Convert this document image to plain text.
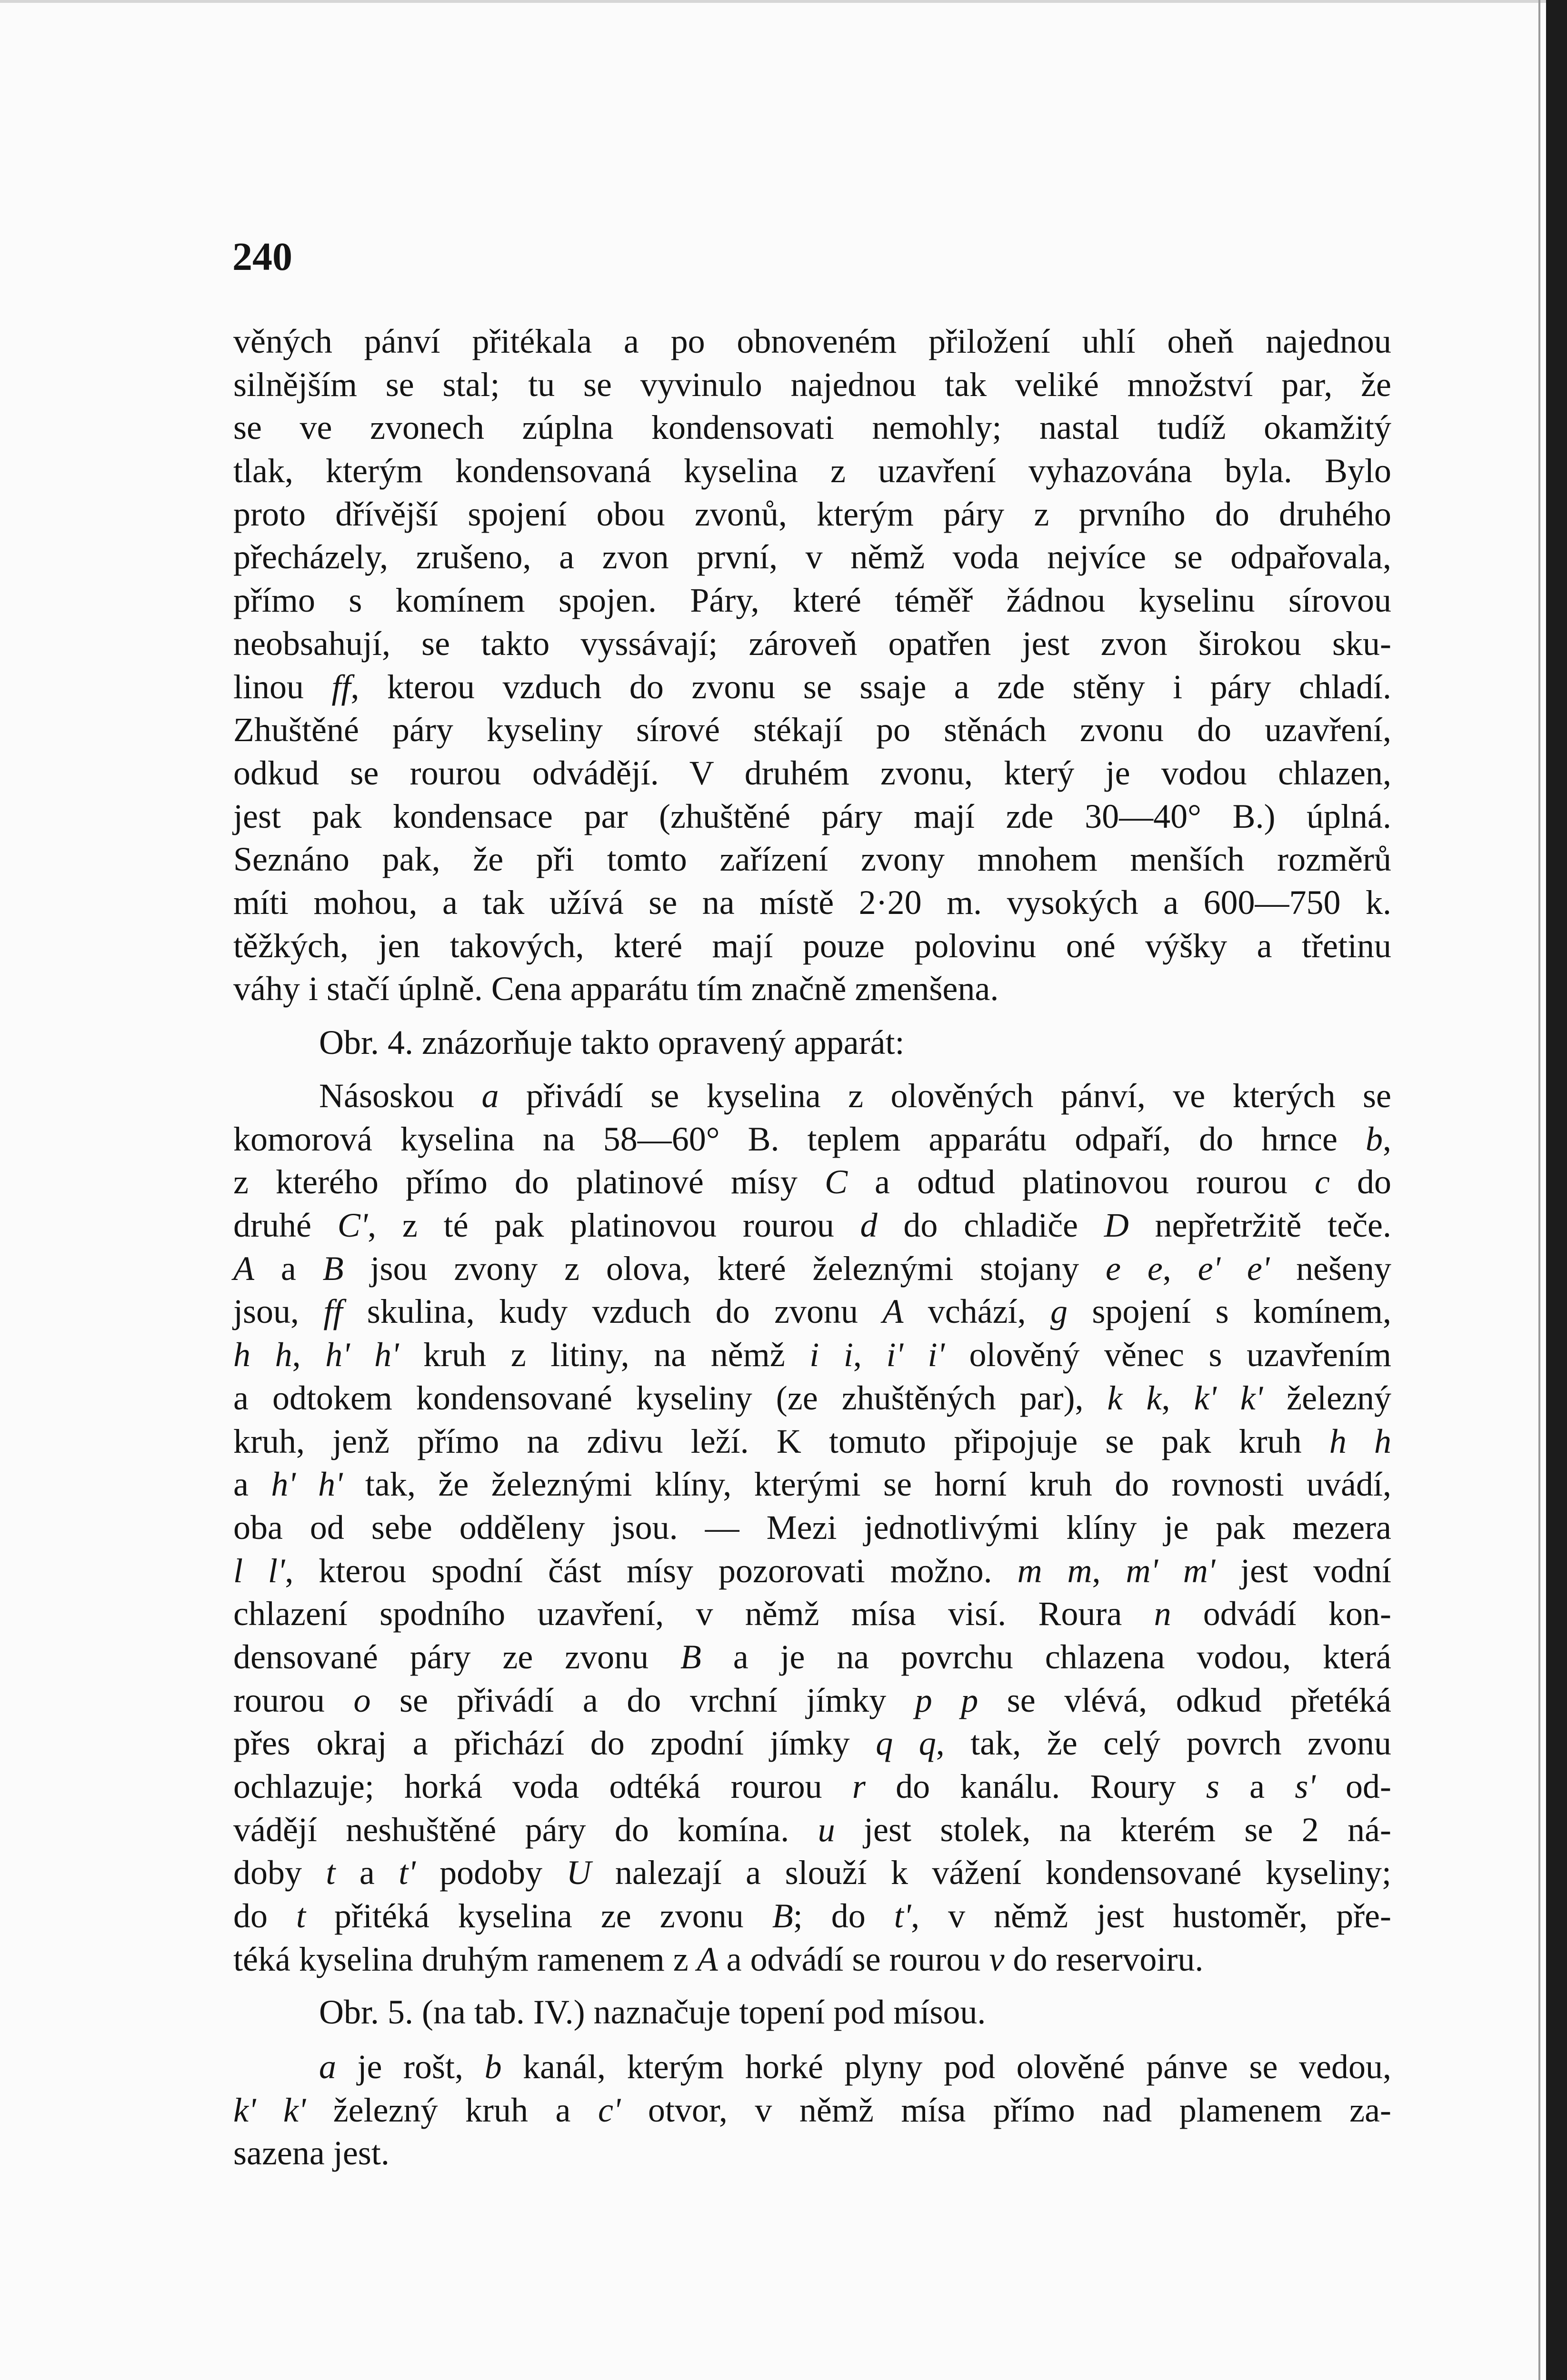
240
věných pánví přitékala a po obnoveném přiložení uhlí oheň najednou
silnějším se stal; tu se vyvinulo najednou tak veliké množství par, že
se ve zvonech zúplna kondensovati nemohly; nastal tudíž okamžitý
tlak, kterým kondensovaná kyselina z uzavření vyhazována byla. Bylo
proto dřívější spojení obou zvonů, kterým páry z prvního do druhého
přecházely, zrušeno, a zvon první, v němž voda nejvíce se odpařovala,
přímo s komínem spojen. Páry, které téměř žádnou kyselinu sírovou
neobsahují, se takto vyssávají; zároveň opatřen jest zvon širokou sku-
linou ff, kterou vzduch do zvonu se ssaje a zde stěny i páry chladí.
Zhuštěné páry kyseliny sírové stékají po stěnách zvonu do uzavření,
odkud se rourou odvádějí. V druhém zvonu, který je vodou chlazen,
jest pak kondensace par (zhuštěné páry mají zde 30—40° B.) úplná.
Seznáno pak, že při tomto zařízení zvony mnohem menších rozměrů
míti mohou, a tak užívá se na místě 2·20 m. vysokých a 600—750 k.
těžkých, jen takových, které mají pouze polovinu oné výšky a třetinu
váhy i stačí úplně. Cena apparátu tím značně zmenšena.
Obr. 4. znázorňuje takto opravený apparát:
Násoskou a přivádí se kyselina z olověných pánví, ve kterých se
komorová kyselina na 58—60° B. teplem apparátu odpaří, do hrnce b,
z kterého přímo do platinové mísy C a odtud platinovou rourou c do
druhé C', z té pak platinovou rourou d do chladiče D nepřetržitě teče.
A a B jsou zvony z olova, které železnými stojany e e, e' e' nešeny
jsou, ff skulina, kudy vzduch do zvonu A vchází, g spojení s komínem,
h h, h' h' kruh z litiny, na němž i i, i' i' olověný věnec s uzavřením
a odtokem kondensované kyseliny (ze zhuštěných par), k k, k' k' železný
kruh, jenž přímo na zdivu leží. K tomuto připojuje se pak kruh h h
a h' h' tak, že železnými klíny, kterými se horní kruh do rovnosti uvádí,
oba od sebe odděleny jsou. — Mezi jednotlivými klíny je pak mezera
l l', kterou spodní část mísy pozorovati možno. m m, m' m' jest vodní
chlazení spodního uzavření, v němž mísa visí. Roura n odvádí kon-
densované páry ze zvonu B a je na povrchu chlazena vodou, která
rourou o se přivádí a do vrchní jímky p p se vlévá, odkud přetéká
přes okraj a přichází do zpodní jímky q q, tak, že celý povrch zvonu
ochlazuje; horká voda odtéká rourou r do kanálu. Roury s a s' od-
vádějí neshuštěné páry do komína. u jest stolek, na kterém se 2 ná-
doby t a t' podoby U nalezají a slouží k vážení kondensované kyseliny;
do t přitéká kyselina ze zvonu B; do t', v němž jest hustoměr, pře-
téká kyselina druhým ramenem z A a odvádí se rourou v do reservoiru.
Obr. 5. (na tab. IV.) naznačuje topení pod mísou.
a je rošt, b kanál, kterým horké plyny pod olověné pánve se vedou,
k' k' železný kruh a c' otvor, v němž mísa přímo nad plamenem za-
sazena jest.
